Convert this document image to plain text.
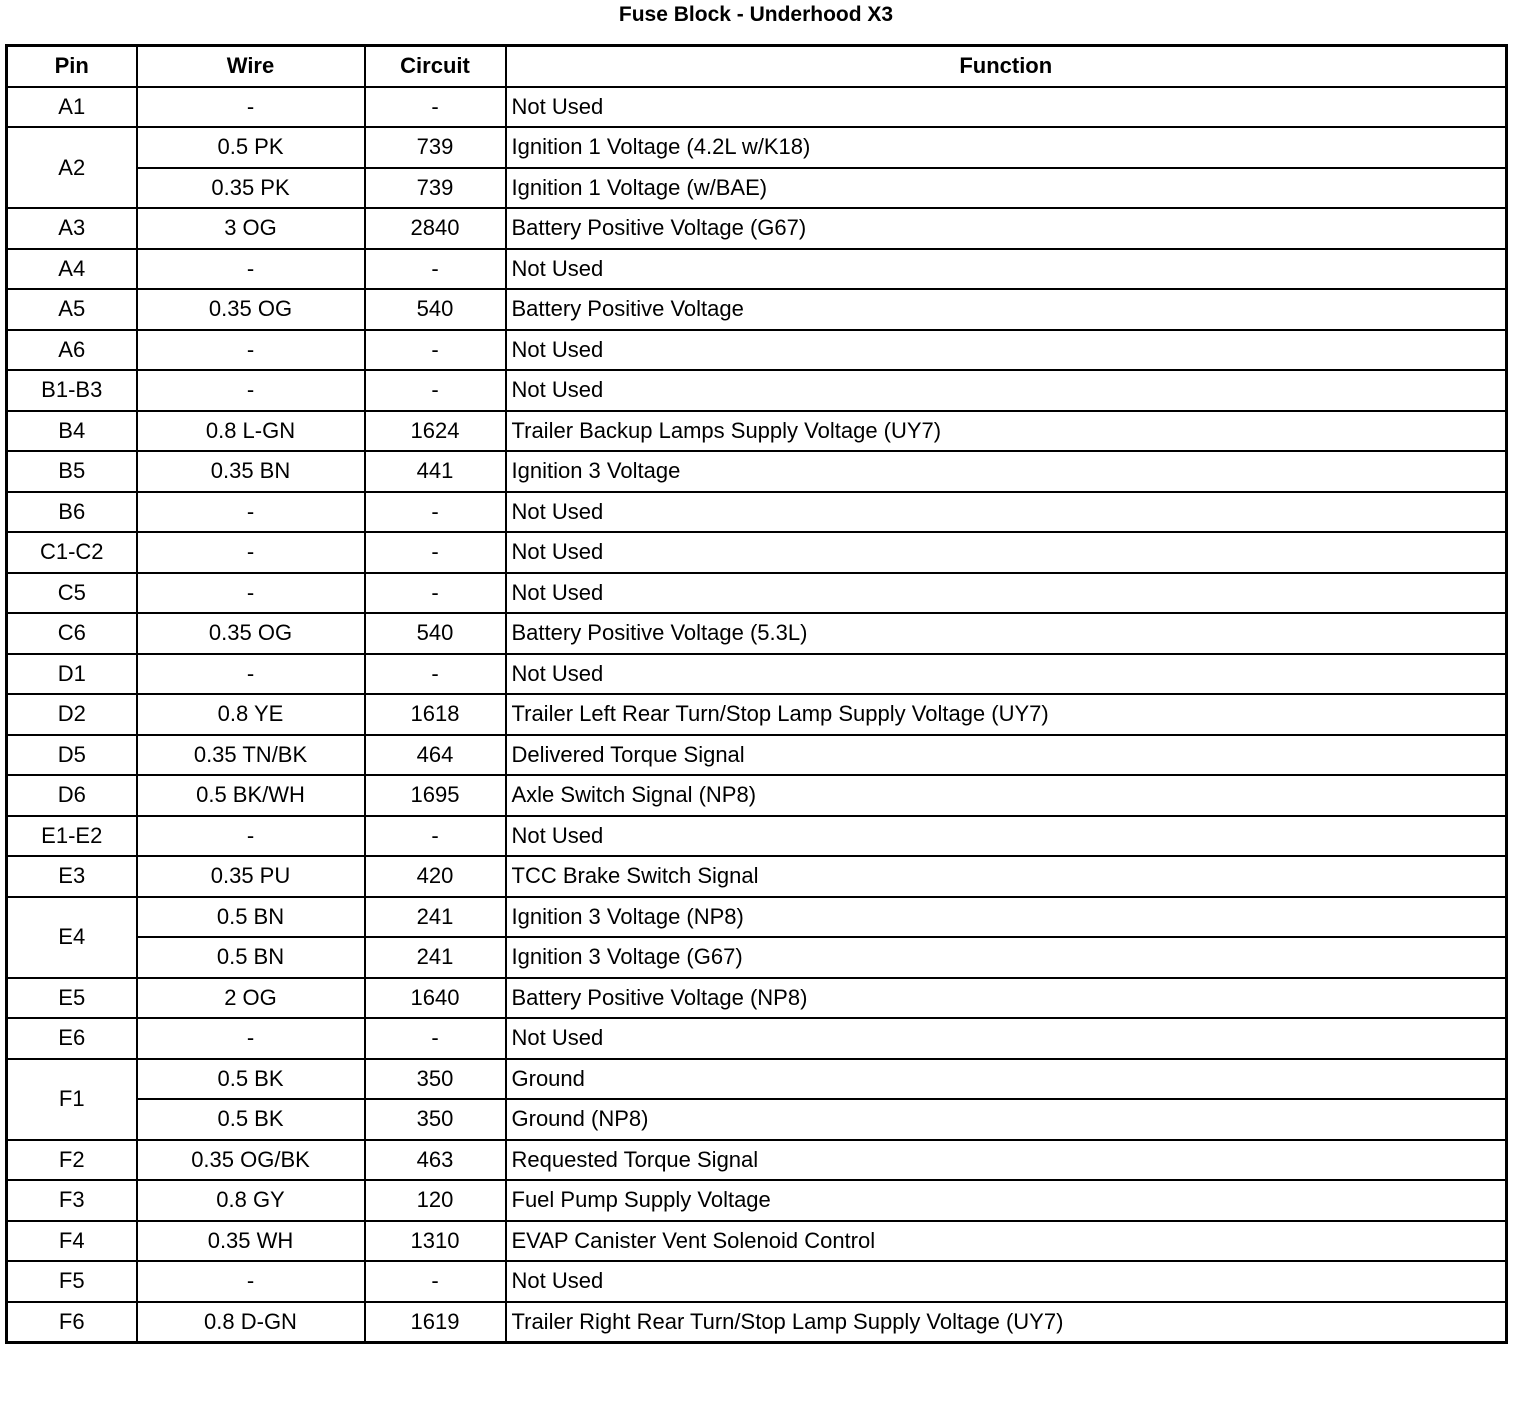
Fuse Block - Underhood X3
Pin	Wire	Circuit	Function
A1	-	-	Not Used
A2	0.5 PK	739	Ignition 1 Voltage (4.2L w/K18)
	0.35 PK	739	Ignition 1 Voltage (w/BAE)
A3	3 OG	2840	Battery Positive Voltage (G67)
A4	-	-	Not Used
A5	0.35 OG	540	Battery Positive Voltage
A6	-	-	Not Used
B1-B3	-	-	Not Used
B4	0.8 L-GN	1624	Trailer Backup Lamps Supply Voltage (UY7)
B5	0.35 BN	441	Ignition 3 Voltage
B6	-	-	Not Used
C1-C2	-	-	Not Used
C5	-	-	Not Used
C6	0.35 OG	540	Battery Positive Voltage (5.3L)
D1	-	-	Not Used
D2	0.8 YE	1618	Trailer Left Rear Turn/Stop Lamp Supply Voltage (UY7)
D5	0.35 TN/BK	464	Delivered Torque Signal
D6	0.5 BK/WH	1695	Axle Switch Signal (NP8)
E1-E2	-	-	Not Used
E3	0.35 PU	420	TCC Brake Switch Signal
E4	0.5 BN	241	Ignition 3 Voltage (NP8)
	0.5 BN	241	Ignition 3 Voltage (G67)
E5	2 OG	1640	Battery Positive Voltage (NP8)
E6	-	-	Not Used
F1	0.5 BK	350	Ground
	0.5 BK	350	Ground (NP8)
F2	0.35 OG/BK	463	Requested Torque Signal
F3	0.8 GY	120	Fuel Pump Supply Voltage
F4	0.35 WH	1310	EVAP Canister Vent Solenoid Control
F5	-	-	Not Used
F6	0.8 D-GN	1619	Trailer Right Rear Turn/Stop Lamp Supply Voltage (UY7)
